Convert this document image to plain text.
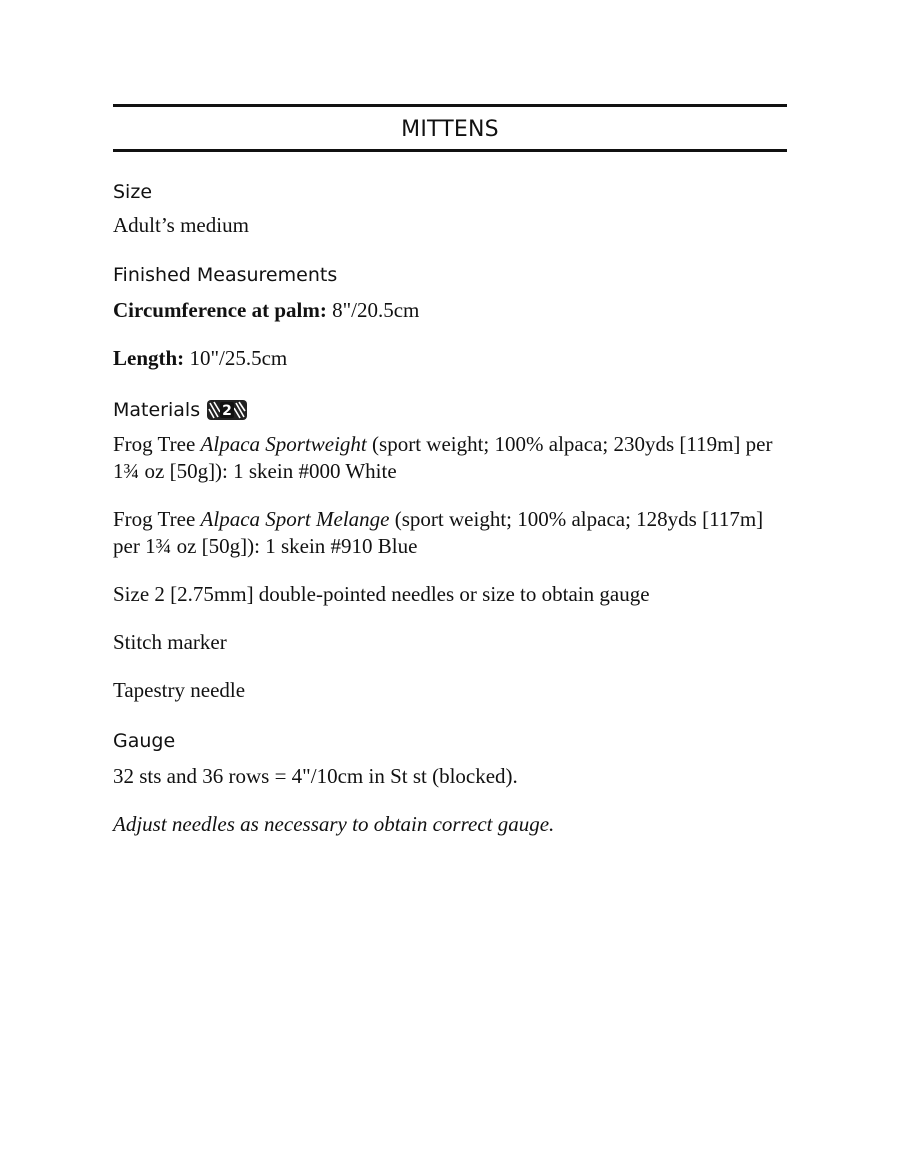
MITTENS
Size

Adult’s medium

Finished Measurements

Circumference at palm: 8"/20.5cm

Length: 10"/25.5cm

Materials 2

Frog Tree Alpaca Sportweight (sport weight; 100% alpaca; 230yds [119m] per 1¾ oz [50g]): 1 skein #000 White

Frog Tree Alpaca Sport Melange (sport weight; 100% alpaca; 128yds [117m] per 1¾ oz [50g]): 1 skein #910 Blue

Size 2 [2.75mm] double-pointed needles or size to obtain gauge

Stitch marker

Tapestry needle

Gauge

32 sts and 36 rows = 4"/10cm in St st (blocked).

Adjust needles as necessary to obtain correct gauge.
